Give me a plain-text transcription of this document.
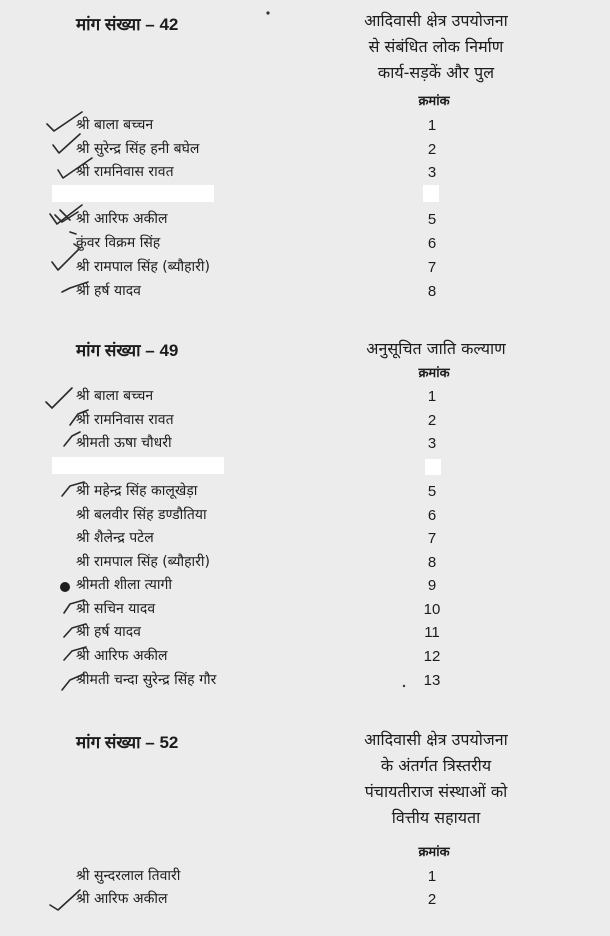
मांग संख्या – 42	आदिवासी क्षेत्र उपयोजना
से संबंधित लोक निर्माण
कार्य-सड़कें और पुल
क्रमांक
श्री बाला बच्चन	1
श्री सुरेन्द्र सिंह हनी बघेल	2
श्री रामनिवास रावत	3
श्री आरिफ अकील	5
कुंवर विक्रम सिंह	6
श्री रामपाल सिंह (ब्यौहारी)	7
श्री हर्ष यादव	8
मांग संख्या – 49	अनुसूचित जाति कल्याण
क्रमांक
श्री बाला बच्चन	1
श्री रामनिवास रावत	2
श्रीमती ऊषा चौधरी	3
श्री महेन्द्र सिंह कालूखेड़ा	5
श्री बलवीर सिंह डण्डौतिया	6
श्री शैलेन्द्र पटेल	7
श्री रामपाल सिंह (ब्यौहारी)	8
श्रीमती शीला त्यागी	9
श्री सचिन यादव	10
श्री हर्ष यादव	11
श्री आरिफ अकील	12
श्रीमती चन्दा सुरेन्द्र सिंह गौर	13
मांग संख्या – 52	आदिवासी क्षेत्र उपयोजना
के अंतर्गत त्रिस्तरीय
पंचायतीराज संस्थाओं को
वित्तीय सहायता
क्रमांक
श्री सुन्दरलाल तिवारी	1
श्री आरिफ अकील	2
